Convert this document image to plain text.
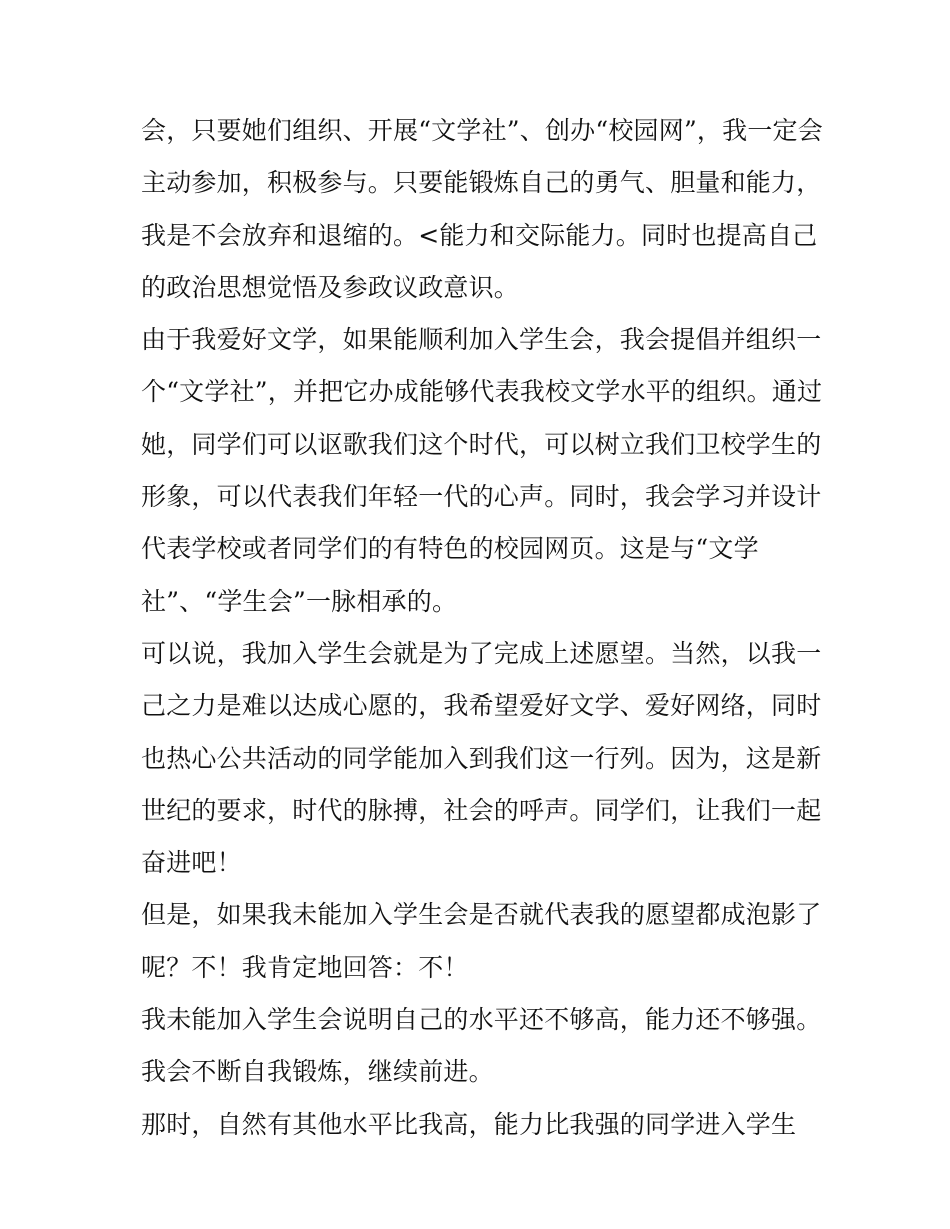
会，只要她们组织、开展“文学社”、创办“校园网”，我一定会
主动参加，积极参与。只要能锻炼自己的勇气、胆量和能力，
我是不会放弃和退缩的。<能力和交际能力。同时也提高自己
的政治思想觉悟及参政议政意识。
由于我爱好文学，如果能顺利加入学生会，我会提倡并组织一
个“文学社”，并把它办成能够代表我校文学水平的组织。通过
她，同学们可以讴歌我们这个时代，可以树立我们卫校学生的
形象，可以代表我们年轻一代的心声。同时，我会学习并设计
代表学校或者同学们的有特色的校园网页。这是与“文学
社”、“学生会”一脉相承的。
可以说，我加入学生会就是为了完成上述愿望。当然，以我一
己之力是难以达成心愿的，我希望爱好文学、爱好网络，同时
也热心公共活动的同学能加入到我们这一行列。因为，这是新
世纪的要求，时代的脉搏，社会的呼声。同学们，让我们一起
奋进吧！
但是，如果我未能加入学生会是否就代表我的愿望都成泡影了
呢？不！我肯定地回答：不！
我未能加入学生会说明自己的水平还不够高，能力还不够强。
我会不断自我锻炼，继续前进。
那时，自然有其他水平比我高，能力比我强的同学进入学生
